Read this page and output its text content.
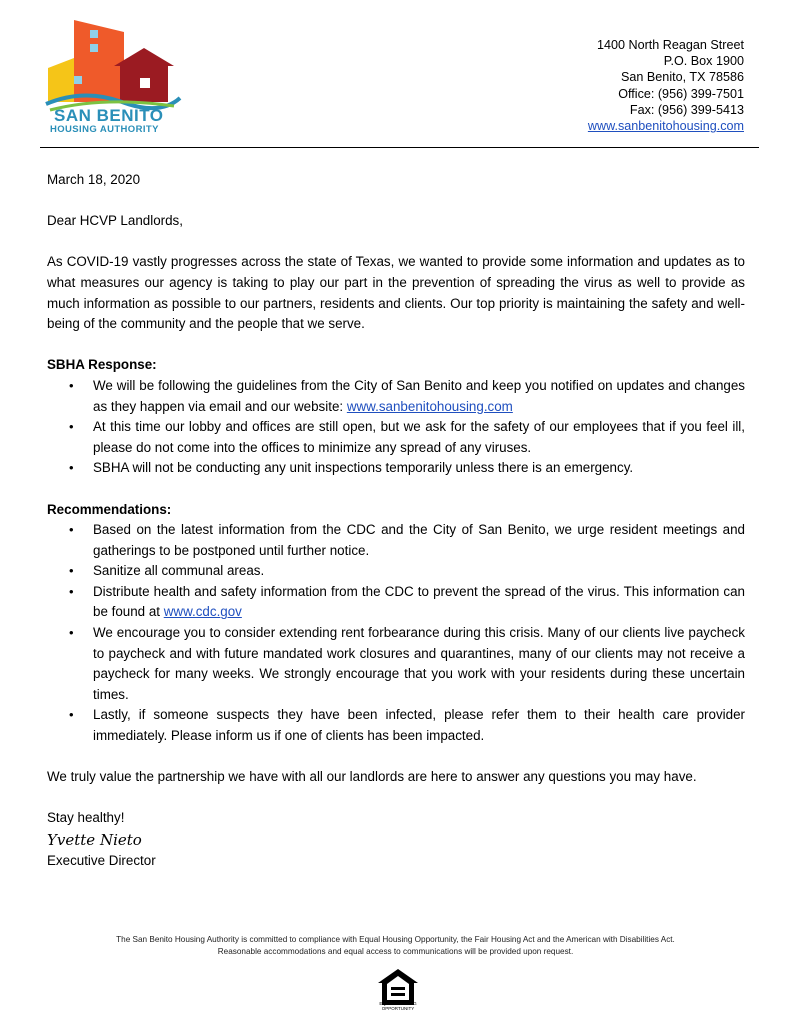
SAN BENITO
HOUSING AUTHORITY
1400 North Reagan Street
P.O. Box 1900
San Benito, TX 78586
Office: (956) 399-7501
Fax: (956) 399-5413
www.sanbenitohousing.com

March 18, 2020

Dear HCVP Landlords,

As COVID-19 vastly progresses across the state of Texas, we wanted to provide some information and updates as to what measures our agency is taking to play our part in the prevention of spreading the virus as well to provide as much information as possible to our partners, residents and clients. Our top priority is maintaining the safety and well-being of the community and the people that we serve.

SBHA Response:

• We will be following the guidelines from the City of San Benito and keep you notified on updates and changes as they happen via email and our website: www.sanbenitohousing.com
• At this time our lobby and offices are still open, but we ask for the safety of our employees that if you feel ill, please do not come into the offices to minimize any spread of any viruses.
• SBHA will not be conducting any unit inspections temporarily unless there is an emergency.

Recommendations:

• Based on the latest information from the CDC and the City of San Benito, we urge resident meetings and gatherings to be postponed until further notice.
• Sanitize all communal areas.
• Distribute health and safety information from the CDC to prevent the spread of the virus. This information can be found at www.cdc.gov
• We encourage you to consider extending rent forbearance during this crisis. Many of our clients live paycheck to paycheck and with future mandated work closures and quarantines, many of our clients may not receive a paycheck for many weeks. We strongly encourage that you work with your residents during these uncertain times.
• Lastly, if someone suspects they have been infected, please refer them to their health care provider immediately. Please inform us if one of clients has been impacted.

We truly value the partnership we have with all our landlords are here to answer any questions you may have.

Stay healthy!

Yvette Nieto

Executive Director

The San Benito Housing Authority is committed to compliance with Equal Housing Opportunity, the Fair Housing Act and the American with Disabilities Act.
Reasonable accommodations and equal access to communications will be provided upon request.
EQUAL HOUSING OPPORTUNITY
